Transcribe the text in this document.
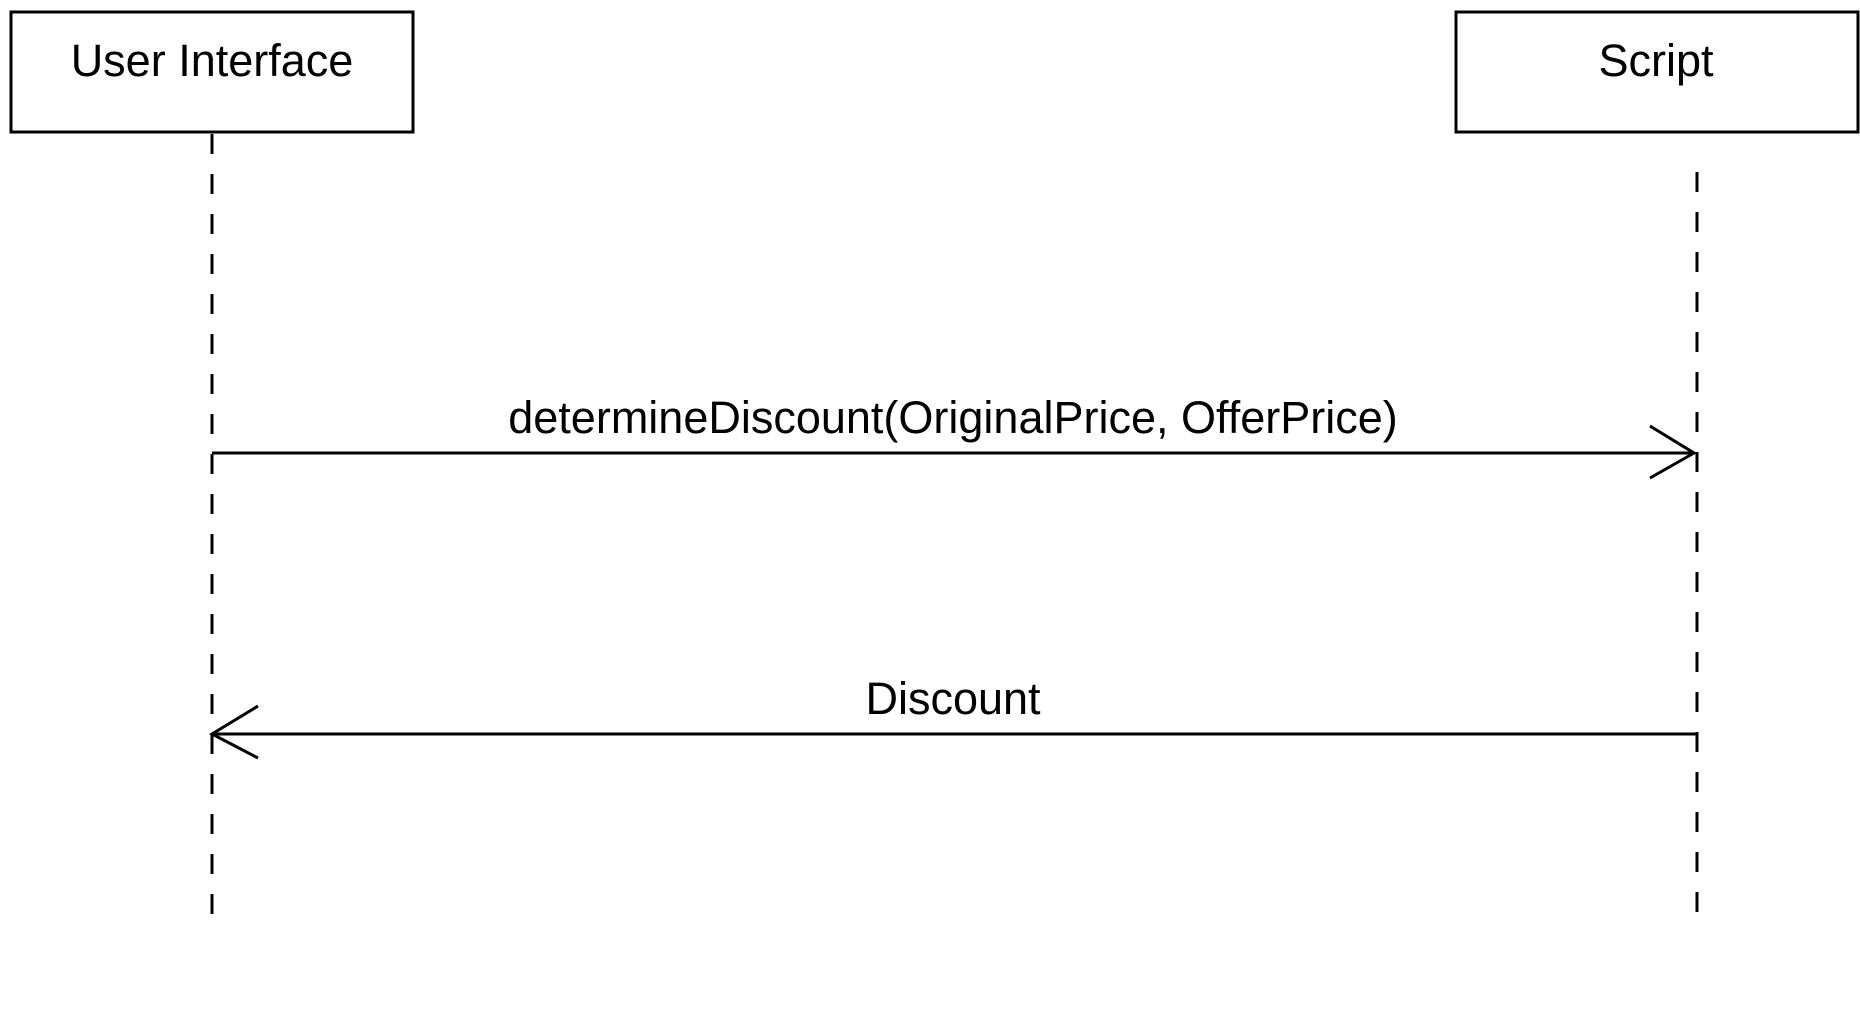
User Interface	Script
determineDiscount(OriginalPrice, OfferPrice)
Discount
